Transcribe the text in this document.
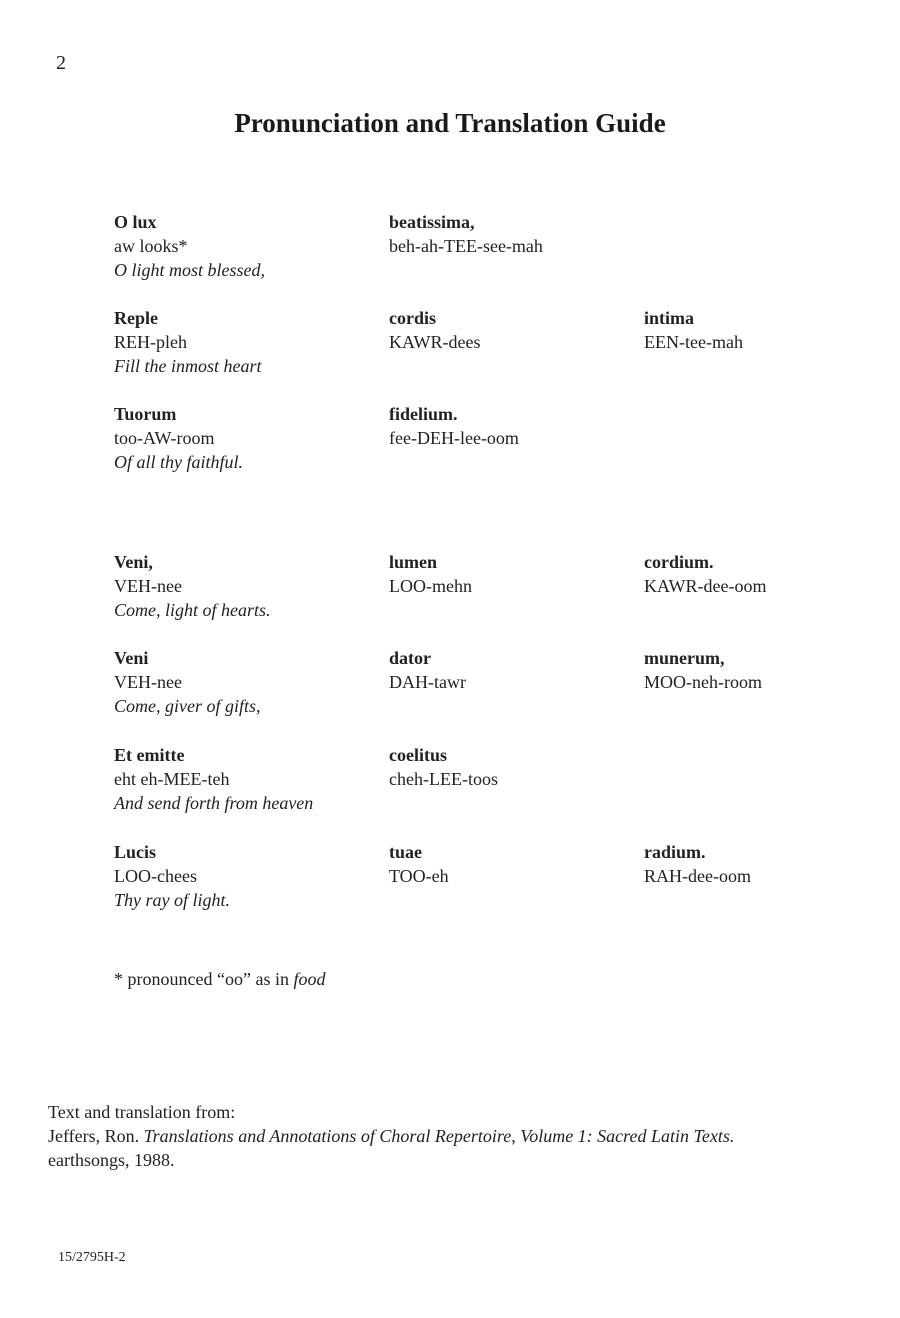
2
Pronunciation and Translation Guide
O lux
aw looks*
beatissima,
beh-ah-TEE-see-mah
O light most blessed,
Reple
REH-pleh
cordis
KAWR-dees
intima
EEN-tee-mah
Fill the inmost heart
Tuorum
too-AW-room
fidelium.
fee-DEH-lee-oom
Of all thy faithful.
Veni,
VEH-nee
lumen
LOO-mehn
cordium.
KAWR-dee-oom
Come, light of hearts.
Veni
VEH-nee
dator
DAH-tawr
munerum,
MOO-neh-room
Come, giver of gifts,
Et emitte
eht eh-MEE-teh
coelitus
cheh-LEE-toos
And send forth from heaven
Lucis
LOO-chees
tuae
TOO-eh
radium.
RAH-dee-oom
Thy ray of light.
* pronounced “oo” as in food
Text and translation from:
Jeffers, Ron. Translations and Annotations of Choral Repertoire, Volume 1: Sacred Latin Texts.
earthsongs, 1988.
15/2795H-2
